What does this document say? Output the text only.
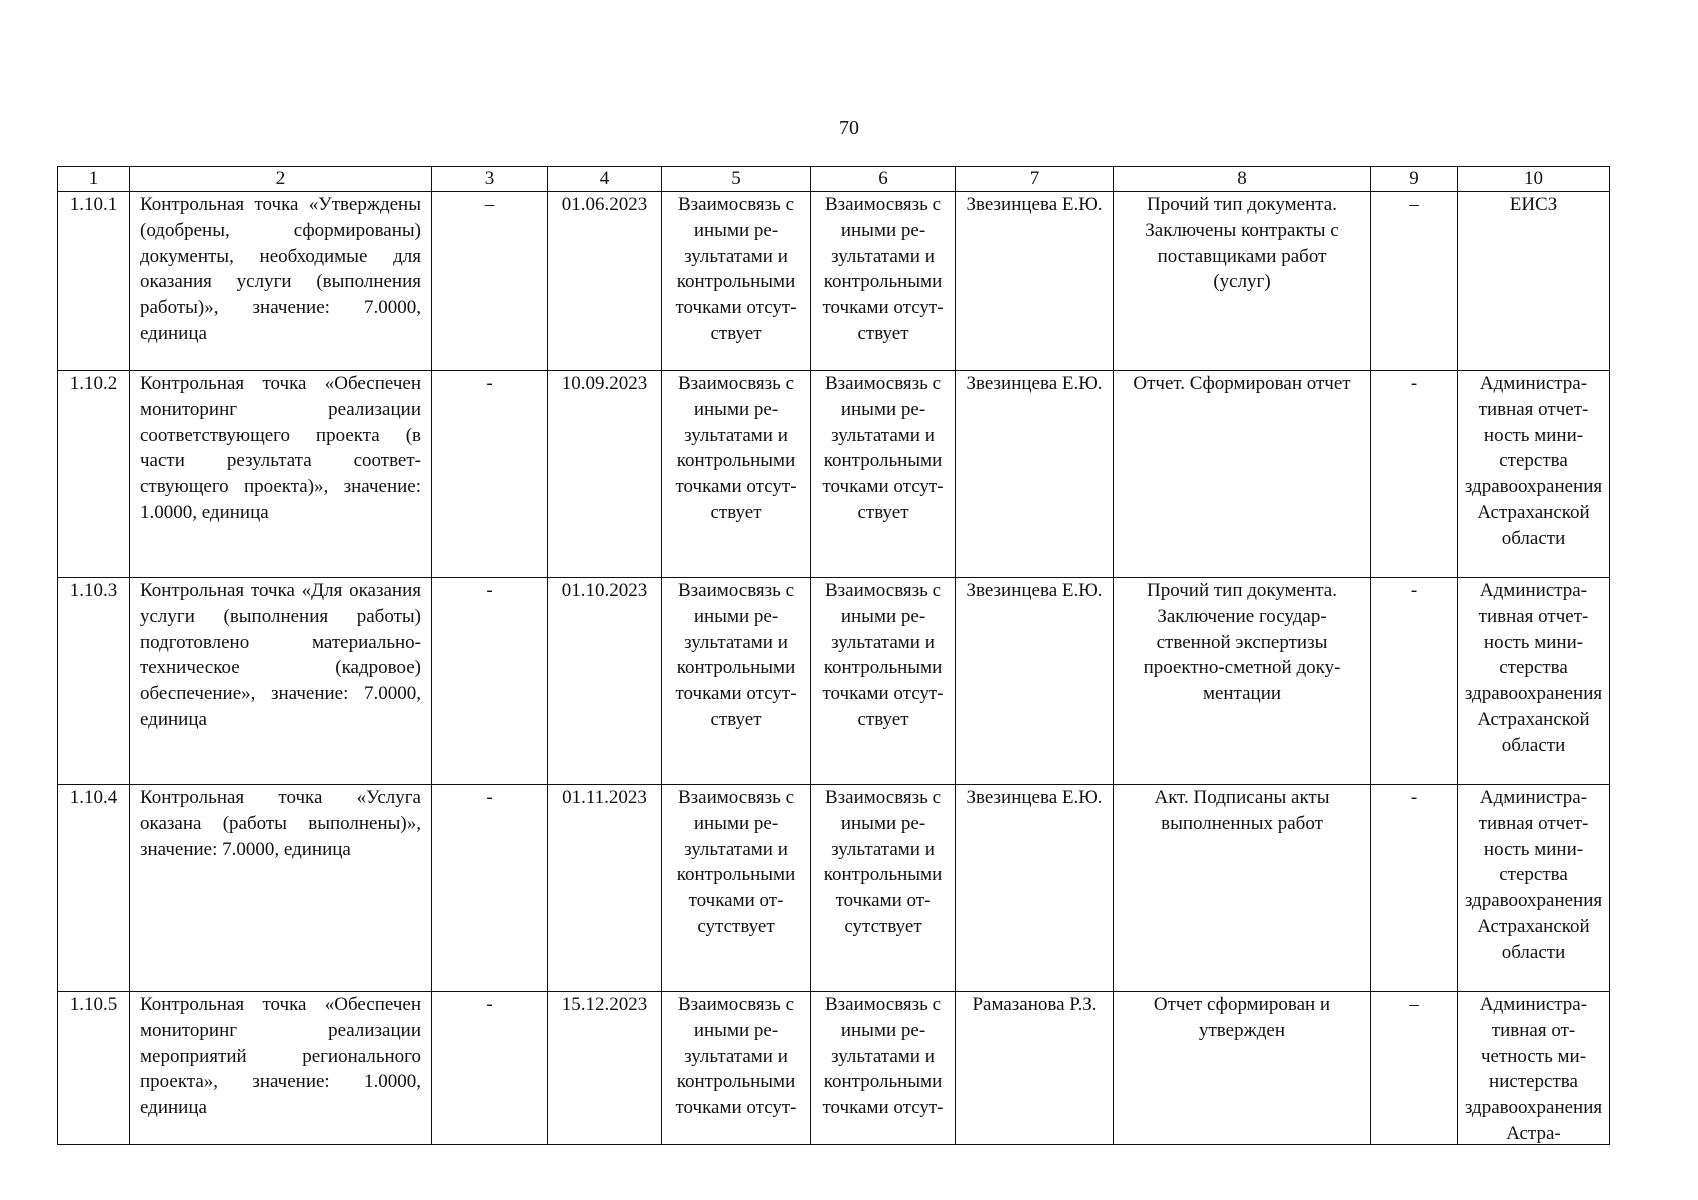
70
1	2	3	4	5	6	7	8	9	10
1.10.1	Контрольная точка «Утверждены (одобрены, сформированы) документы, необходимые для оказания услуги (выполнения работы)», значение: 7.0000, единица	–	01.06.2023	Взаимосвязь с иными результатами и контрольными точками отсутствует	Взаимосвязь с иными результатами и контрольными точками отсутствует	Звезинцева Е.Ю.	Прочий тип документа. Заключены контракты с поставщиками работ (услуг)	–	ЕИСЗ
1.10.2	Контрольная точка «Обеспечен мониторинг реализации соответствующего проекта (в части результата соответствующего проекта)», значение: 1.0000, единица	-	10.09.2023	Взаимосвязь с иными результатами и контрольными точками отсутствует	Взаимосвязь с иными результатами и контрольными точками отсутствует	Звезинцева Е.Ю.	Отчет. Сформирован отчет	-	Административная отчетность министерства здравоохранения Астраханской области
1.10.3	Контрольная точка «Для оказания услуги (выполнения работы) подготовлено материально-техническое (кадровое) обеспечение», значение: 7.0000, единица	-	01.10.2023	Взаимосвязь с иными результатами и контрольными точками отсутствует	Взаимосвязь с иными результатами и контрольными точками отсутствует	Звезинцева Е.Ю.	Прочий тип документа. Заключение государственной экспертизы проектно-сметной документации	-	Административная отчетность министерства здравоохранения Астраханской области
1.10.4	Контрольная точка «Услуга оказана (работы выполнены)», значение: 7.0000, единица	-	01.11.2023	Взаимосвязь с иными результатами и контрольными точками отсутствует	Взаимосвязь с иными результатами и контрольными точками отсутствует	Звезинцева Е.Ю.	Акт. Подписаны акты выполненных работ	-	Административная отчетность министерства здравоохранения Астраханской области

1.10.5	Контрольная точка «Обеспечен мониторинг реализации мероприятий регионального проекта», значение: 1.0000, единица	-	15.12.2023	Взаимосвязь с иными результатами и контрольными точками отсут-	Взаимосвязь с иными результатами и контрольными точками отсут-	Рамазанова Р.З.	Отчет сформирован и утвержден	–	Административная отчетность министерства здравоохранения Астра-
